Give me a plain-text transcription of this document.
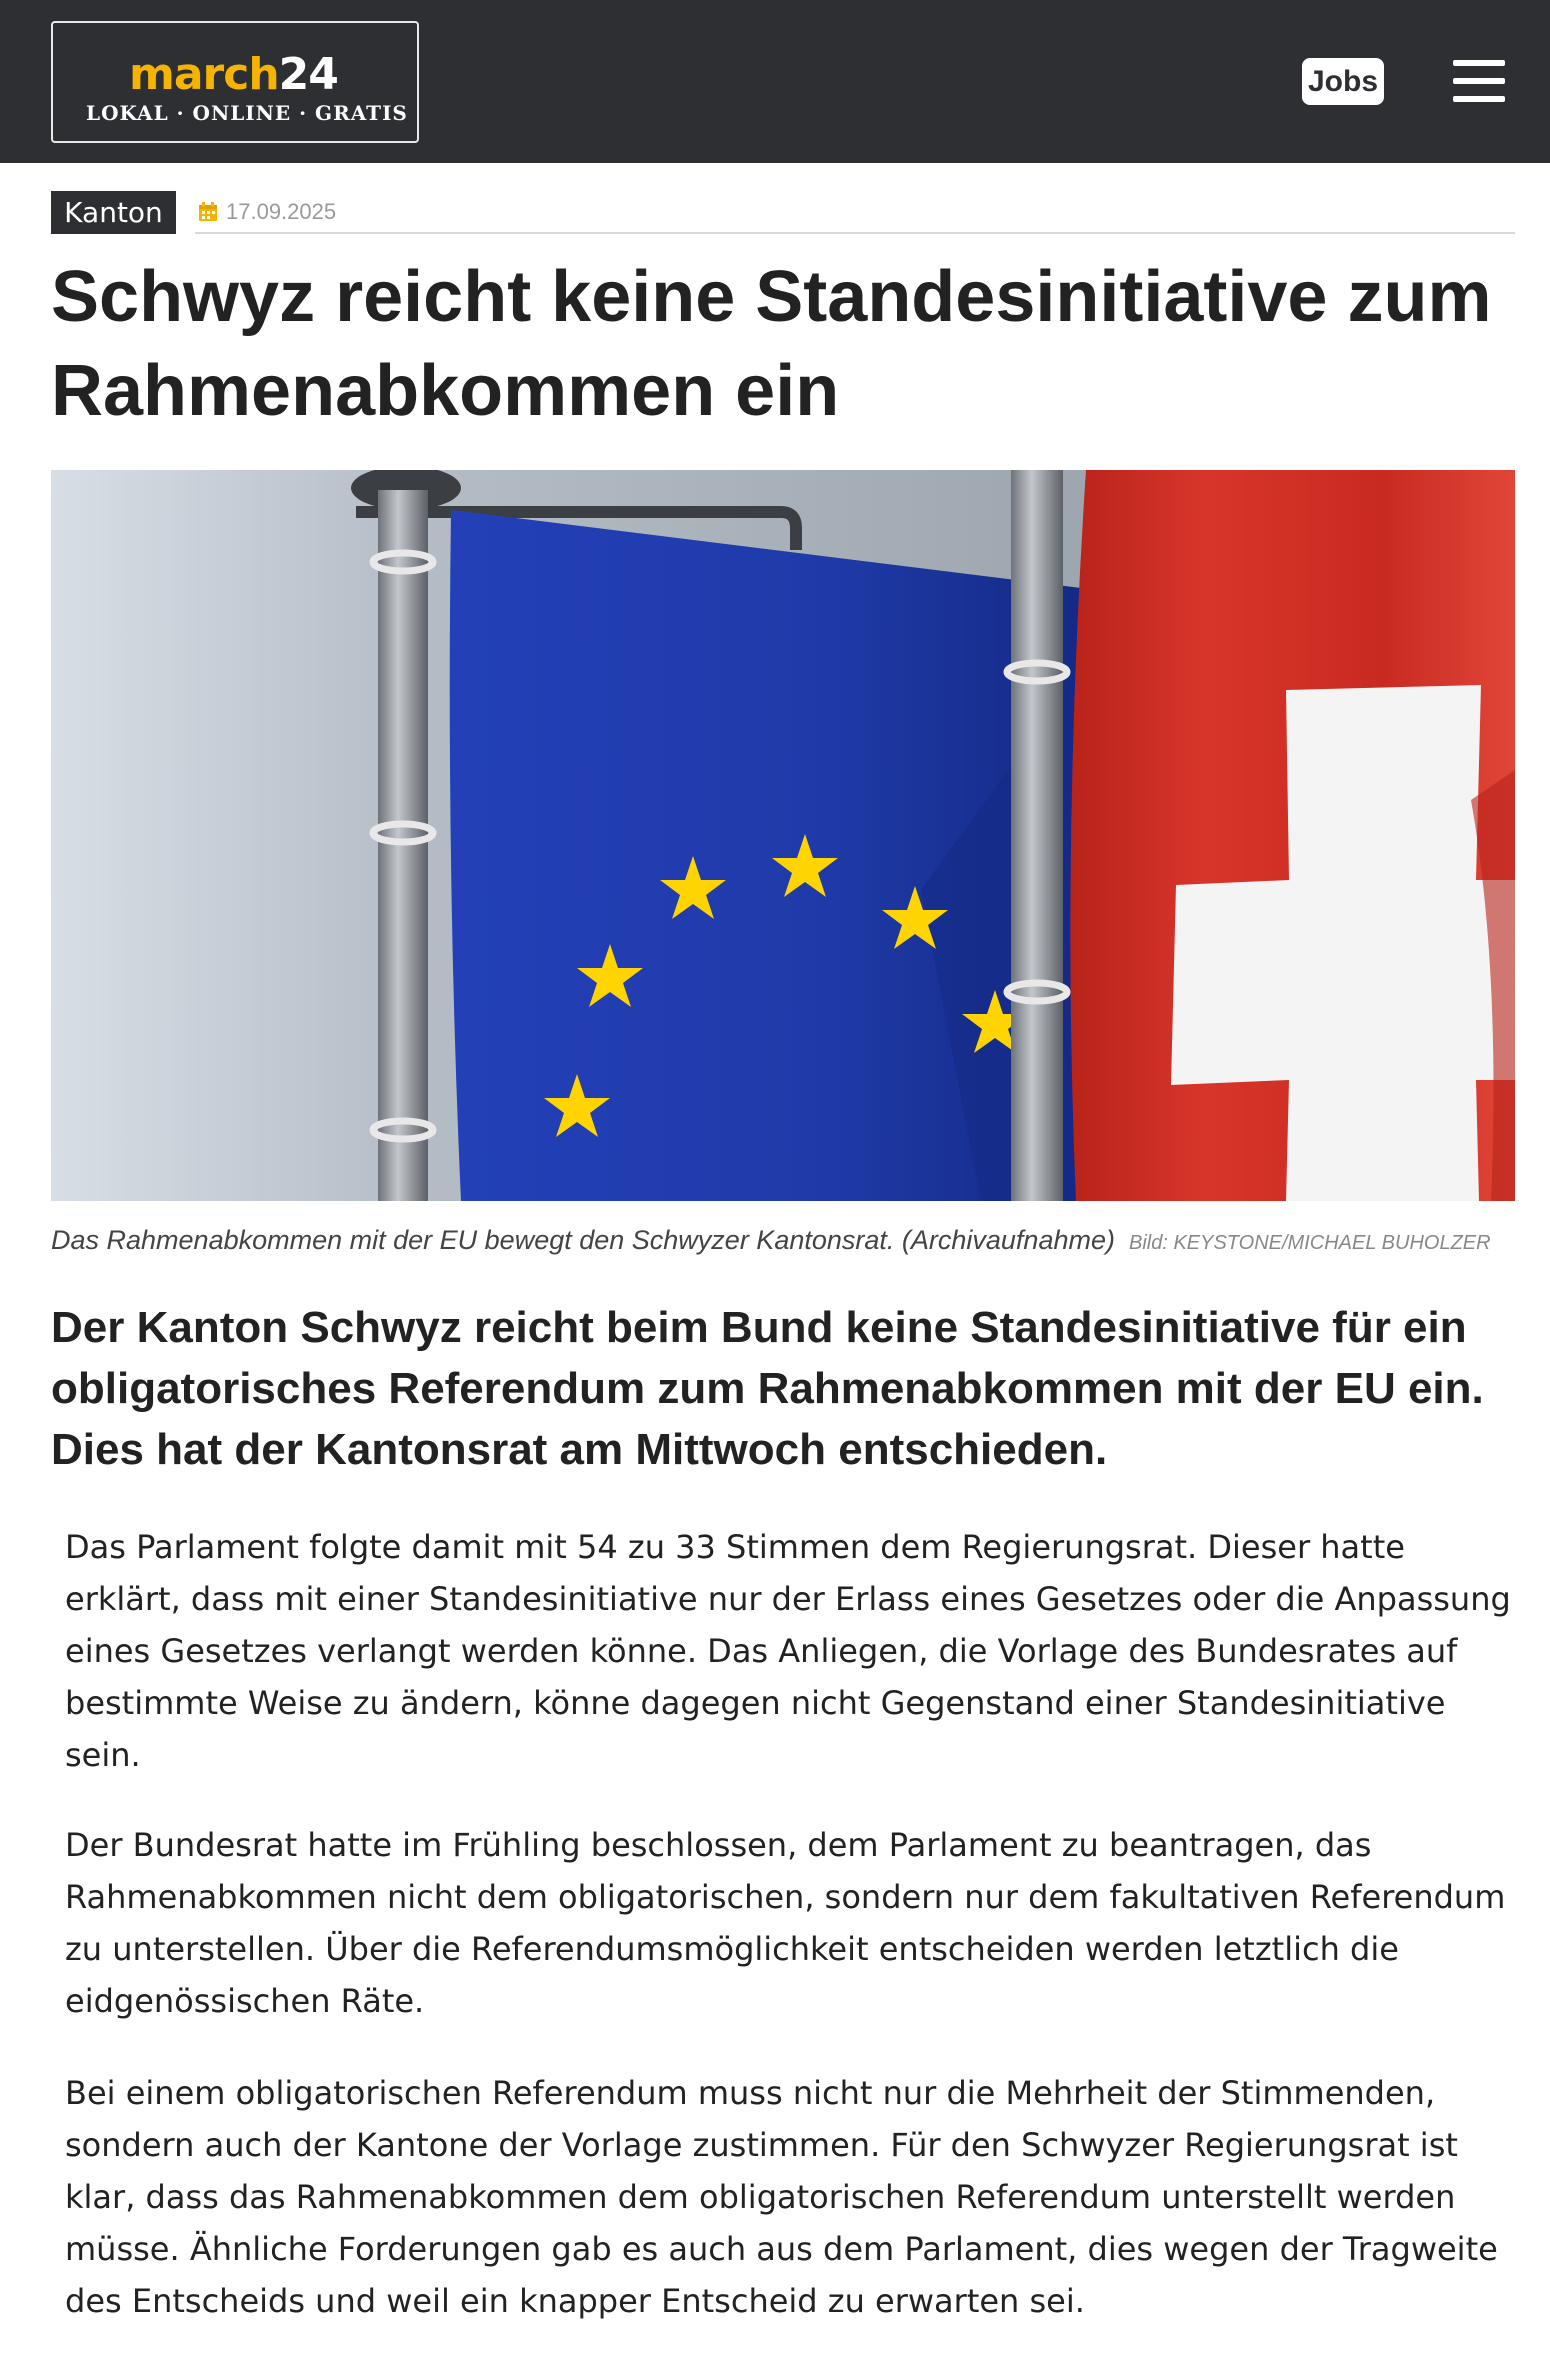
march24
LOKAL · ONLINE · GRATIS
Jobs
Kanton	17.09.2025
Schwyz reicht keine Standesinitiative zum Rahmenabkommen ein
Das Rahmenabkommen mit der EU bewegt den Schwyzer Kantonsrat. (Archivaufnahme) Bild: KEYSTONE/MICHAEL BUHOLZER
Der Kanton Schwyz reicht beim Bund keine Standesinitiative für ein obligatorisches Referendum zum Rahmenabkommen mit der EU ein. Dies hat der Kantonsrat am Mittwoch entschieden.

Das Parlament folgte damit mit 54 zu 33 Stimmen dem Regierungsrat. Dieser hatte erklärt, dass mit einer Standesinitiative nur der Erlass eines Gesetzes oder die Anpassung eines Gesetzes verlangt werden könne. Das Anliegen, die Vorlage des Bundesrates auf bestimmte Weise zu ändern, könne dagegen nicht Gegenstand einer Standesinitiative sein.

Der Bundesrat hatte im Frühling beschlossen, dem Parlament zu beantragen, das Rahmenabkommen nicht dem obligatorischen, sondern nur dem fakultativen Referendum zu unterstellen. Über die Referendumsmöglichkeit entscheiden werden letztlich die eidgenössischen Räte.

Bei einem obligatorischen Referendum muss nicht nur die Mehrheit der Stimmenden, sondern auch der Kantone der Vorlage zustimmen. Für den Schwyzer Regierungsrat ist klar, dass das Rahmenabkommen dem obligatorischen Referendum unterstellt werden müsse. Ähnliche Forderungen gab es auch aus dem Parlament, dies wegen der Tragweite des Entscheids und weil ein knapper Entscheid zu erwarten sei.
